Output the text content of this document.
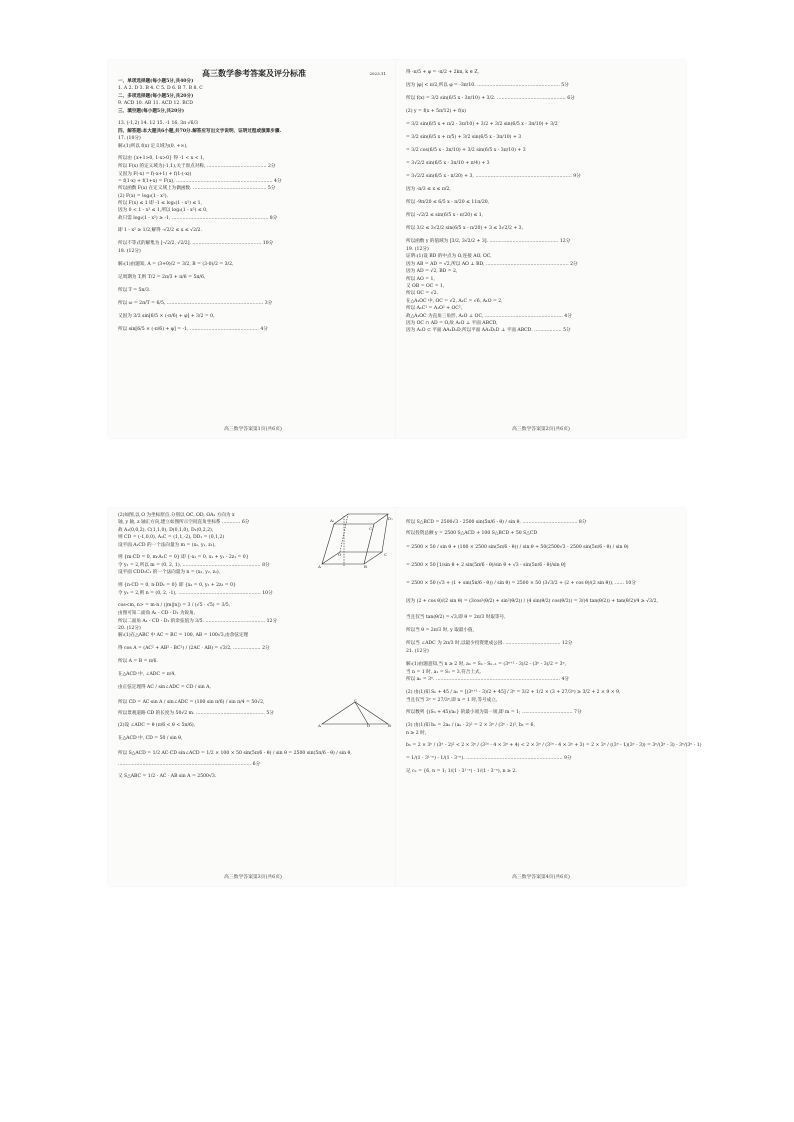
高三数学参考答案及评分标准	2023.11
一、单项选择题(每小题5分,共40分)
1. A 2. D 3. B 4. C 5. D 6. B 7. B 8. C
二、多项选择题(每小题5分,共20分)
9. ACD 10. AB 11. ACD 12. BCD
三、填空题(每小题5分,共20分)
13. (-1,2) 14. 12 15. -1 16. 3π √6/3
四、解答题:本大题共6小题,共70分.解答应写出文字说明、证明过程或演算步骤.
17. (10分)
解:(1)所以 f(x) 定义域为(0, +∞),
所以由 {x+1>0, 1-x>0} 得 -1 < x < 1,
所以 F(x) 的定义域为(-1,1),关于原点对称, ………………………………… 2分
又因为 F(-x) = f(-x+1) + f(1-(-x))
= f(1-x) + f(1+x) = F(x), ……………………………………………………… 4分
所以函数 F(x) 在定义域上为偶函数. ………………………………………… 5分
(2) F(x) = log₂(1 - x²),
所以 F(x) ≤ 1 即 -1 ≤ log₂(1 - x²) ≤ 1,
因为 0 < 1 - x² ≤ 1,所以 log₂(1 - x²) ≤ 0,
故只需 log₂(1 - x²) ≥ -1, ……………………………………………………… 8分
即 1 - x² ≥ 1/2,解得 -√2/2 ≤ x ≤ √2/2.
所以不等式的解集为 [-√2/2, √2/2]. ……………………………………… 10分
18. (12分)
解:(1)由题知, A = (3+0)/2 = 3/2, B = (3-0)/2 = 3/2,
记周期为 T,则 T/2 = 2π/3 + π/6 = 5π/6,
所以 T = 5π/3.
所以 ω = 2π/T = 6/5, ……………………………………………………… 3分
又因为 3/2 sin[6/5 × (-π/6) + φ] + 3/2 = 0,
所以 sin[6/5 × (-π/6) + φ] = -1, ……………………………………… 4分
高三数学答案第1页(共6页)
得 -π/5 + φ = -π/2 + 2kπ, k ∈ Z,
因为 |φ| < π/2,所以 φ = -3π/10. ……………………………………………… 5分
所以 f(x) = 3/2 sin(6/5 x - 3π/10) + 3/2. ……………………………………… 6分
(2) y = f(x + 5π/12) + f(x)
= 3/2 sin(6/5 x + π/2 - 3π/10) + 3/2 + 3/2 sin(6/5 x - 3π/10) + 3/2
= 3/2 sin(6/5 x + π/5) + 3/2 sin(6/5 x - 3π/10) + 3
= 3/2 cos(6/5 x - 3π/10) + 3/2 sin(6/5 x - 3π/10) + 3
= 3√2/2 sin(6/5 x - 3π/10 + π/4) + 3
= 3√2/2 sin(6/5 x - π/20) + 3, ……………………………………………………… 9分
因为 -π/3 ≤ x ≤ π/2,
所以 -9π/20 ≤ 6/5 x - π/20 ≤ 11π/20,
所以 -√2/2 ≤ sin(6/5 x - π/20) ≤ 1,
所以 3/2 ≤ 3√2/2 sin(6/5 x - π/20) + 3 ≤ 3√2/2 + 3,
所以函数 y 的值域为 [3/2, 3√2/2 + 3]. ……………………………………… 12分
19. (12分)
证明:(1)设 BD 的中点为 O,连接 AO, OC,
因为 AB = AD = √2,所以 AO ⊥ BD, ……………………………………………… 2分
因为 AD = √2, BD = 2,
所以 AO = 1,
又 OB = OC = 1,
所以 OC = √2,
在△A₁OC 中, OC = √2, A₁C = √6, A₁O = 2,
所以 A₁C² = A₁O² + OC²,
故△A₁OC 为直角三角形, A₁O ⊥ OC, …………………………………………… 4分
因为 OC ∩ AD = O,故 A₁O ⊥ 平面 ABCD,
因为 A₁O ⊂ 平面 AA₁D₁D,所以平面 AA₁D₁D ⊥ 平面 ABCD. ……………… 5分
高三数学答案第2页(共6页)
A₁	D₁
C
A	B
C
O
A	B
C
D
(2)如图,以 O 为坐标原点,分别以 OC, OD, OA₁ 方向为 x
轴, y 轴, z 轴正方向,建立如图所示空间直角坐标系 ………… 6分
故 A₁(0,0,2), C(1,1,0), D(0,1,0), D₁(0,2,2),
则 CD = (-1,0,0), A₁C = (1,1,-2), DD₁ = (0,1,2)
设平面 A₁CD 的一个法向量为 m = (x₁, y₁, z₁),
则 {m·CD = 0, m·A₁C = 0} 即 {-x₁ = 0, x₁ + y₁ - 2z₁ = 0}
令 y₁ = 2,所以 m = (0, 2, 1), …………………………………………… 8分
设平面 CDD₁C₁ 的一个法向量为 n = (x₂, y₂, z₂),
则 {n·CD = 0, n·DD₁ = 0} 即 {x₂ = 0, y₂ + 2z₂ = 0}
令 y₂ = 2,则 n = (0, 2, -1), ……………………………………………… 10分
cos<m, n> = m·n / (|m||n|) = 3 / (√5 · √5) = 3/5,
由图可知二面角 A₁ - CD - D₁ 为锐角,
所以二面角 A₁ - CD - D₁ 的余弦值为 3/5. ………………………………… 12分
20. (12分)
解:(1)在△ABC 中 AC = BC = 100, AB = 100√3,由余弦定理
得 cos A = (AC² + AB² - BC²) / (2AC · AB) = √3/2, ……………… 2分
所以 A = B = π/6.
在△ACD 中, ∠ADC = π/4,
由正弦定理得 AC / sin∠ADC = CD / sin A,
所以 CD = AC·sin A / sin∠ADC = (100 sin π/6) / sin π/4 = 50√2,
所以景观道路 CD 的长度为 50√2 m. ……………………………………… 5分
(2)设 ∠ADC = θ (π/6 < θ < 5π/6),
在△ACD 中, CD = 50 / sin θ,
所以 S△ACD = 1/2 AC·CD sin∠ACD = 1/2 × 100 × 50 sin(5π/6 - θ) / sin θ = 2500 sin(5π/6 - θ) / sin θ,
…………………………………………………………………………… 6分
又 S△ABC = 1/2 · AC · AB sin A = 2500√3.
高三数学答案第3页(共6页)
所以 S△BCD = 2500√3 - 2500 sin(5π/6 - θ) / sin θ, ……………………………… 8分
所以投资总额 y = 2500 S△ACD + 100 S△BCD + 50 S△CD
= 2500 × 50 / sin θ + (100 × 2500 sin(5π/6 - θ)) / sin θ + 50(2500√3 - 2500 sin(5π/6 - θ) / sin θ)
= 2500 × 50 [1/sin θ + 2 sin(5π/6 - θ)/sin θ + √3 - sin(5π/6 - θ)/sin θ]
= 2500 × 50 (√3 + (1 + sin(5π/6 - θ)) / sin θ) = 2500 × 50 (3√3/2 + (2 + cos θ)/(2 sin θ)), …… 10分
因为 (2 + cos θ)/(2 sin θ) = (3cos²(θ/2) + sin²(θ/2)) / (4 sin(θ/2) cos(θ/2)) = 3/(4 tan(θ/2)) + tan(θ/2)/4 ≥ √3/2,
当且仅当 tan(θ/2) = √3,即 θ = 2π/3 时取等号,
所以当 θ = 2π/3 时, y 取最小值,
所以当 ∠ADC 为 2π/3 时,以最少投资建成公园. ……………………………… 12分
21. (12分)
解:(1)由题意知,当 n ≥ 2 时, aₙ = Sₙ - Sₙ₋₁ = (3ⁿ⁺¹ - 3)/2 - (3ⁿ - 3)/2 = 3ⁿ,
当 n = 1 时, a₁ = S₁ = 3,符合上式,
所以 aₙ = 3ⁿ. ……………………………………………………………………… 4分
(2) 由(1)知 Sₙ + 45 / aₙ = [(3ⁿ⁺¹ - 3)/2 + 45] / 3ⁿ = 3/2 + 1/2 × (3 + 27/3ⁿ) ≥ 3/2 + 2 × 9 × 9,
当且仅当 3ⁿ = 27/3ⁿ,即 n = 1 时,等号成立,
所以数列 {(Sₙ + 45)/aₙ} 的最小项为第一项,即 m = 1; …………………………… 7分
(3) 由(1)知 bₙ = 2aₙ / (aₙ - 2)² = 2 × 3ⁿ / (3ⁿ - 2)², b₁ = 6,
n ≥ 2 时,
bₙ = 2 × 3ⁿ / (3ⁿ - 2)² < 2 × 3ⁿ / (3²ⁿ - 4 × 3ⁿ + 4) < 2 × 3ⁿ / (3²ⁿ - 4 × 3ⁿ + 3) = 2 × 3ⁿ / ((3ⁿ - 1)(3ⁿ - 3)) = 3ⁿ/(3ⁿ - 3) - 3ⁿ/(3ⁿ - 1)
= 1/(1 - 3¹⁻ⁿ) - 1/(1 - 3⁻ⁿ). ……………………………………………………… 9分
记 cₙ = {6, n = 1; 1/(1 - 3¹⁻ⁿ) - 1/(1 - 3⁻ⁿ), n ≥ 2.
高三数学答案第4页(共6页)
